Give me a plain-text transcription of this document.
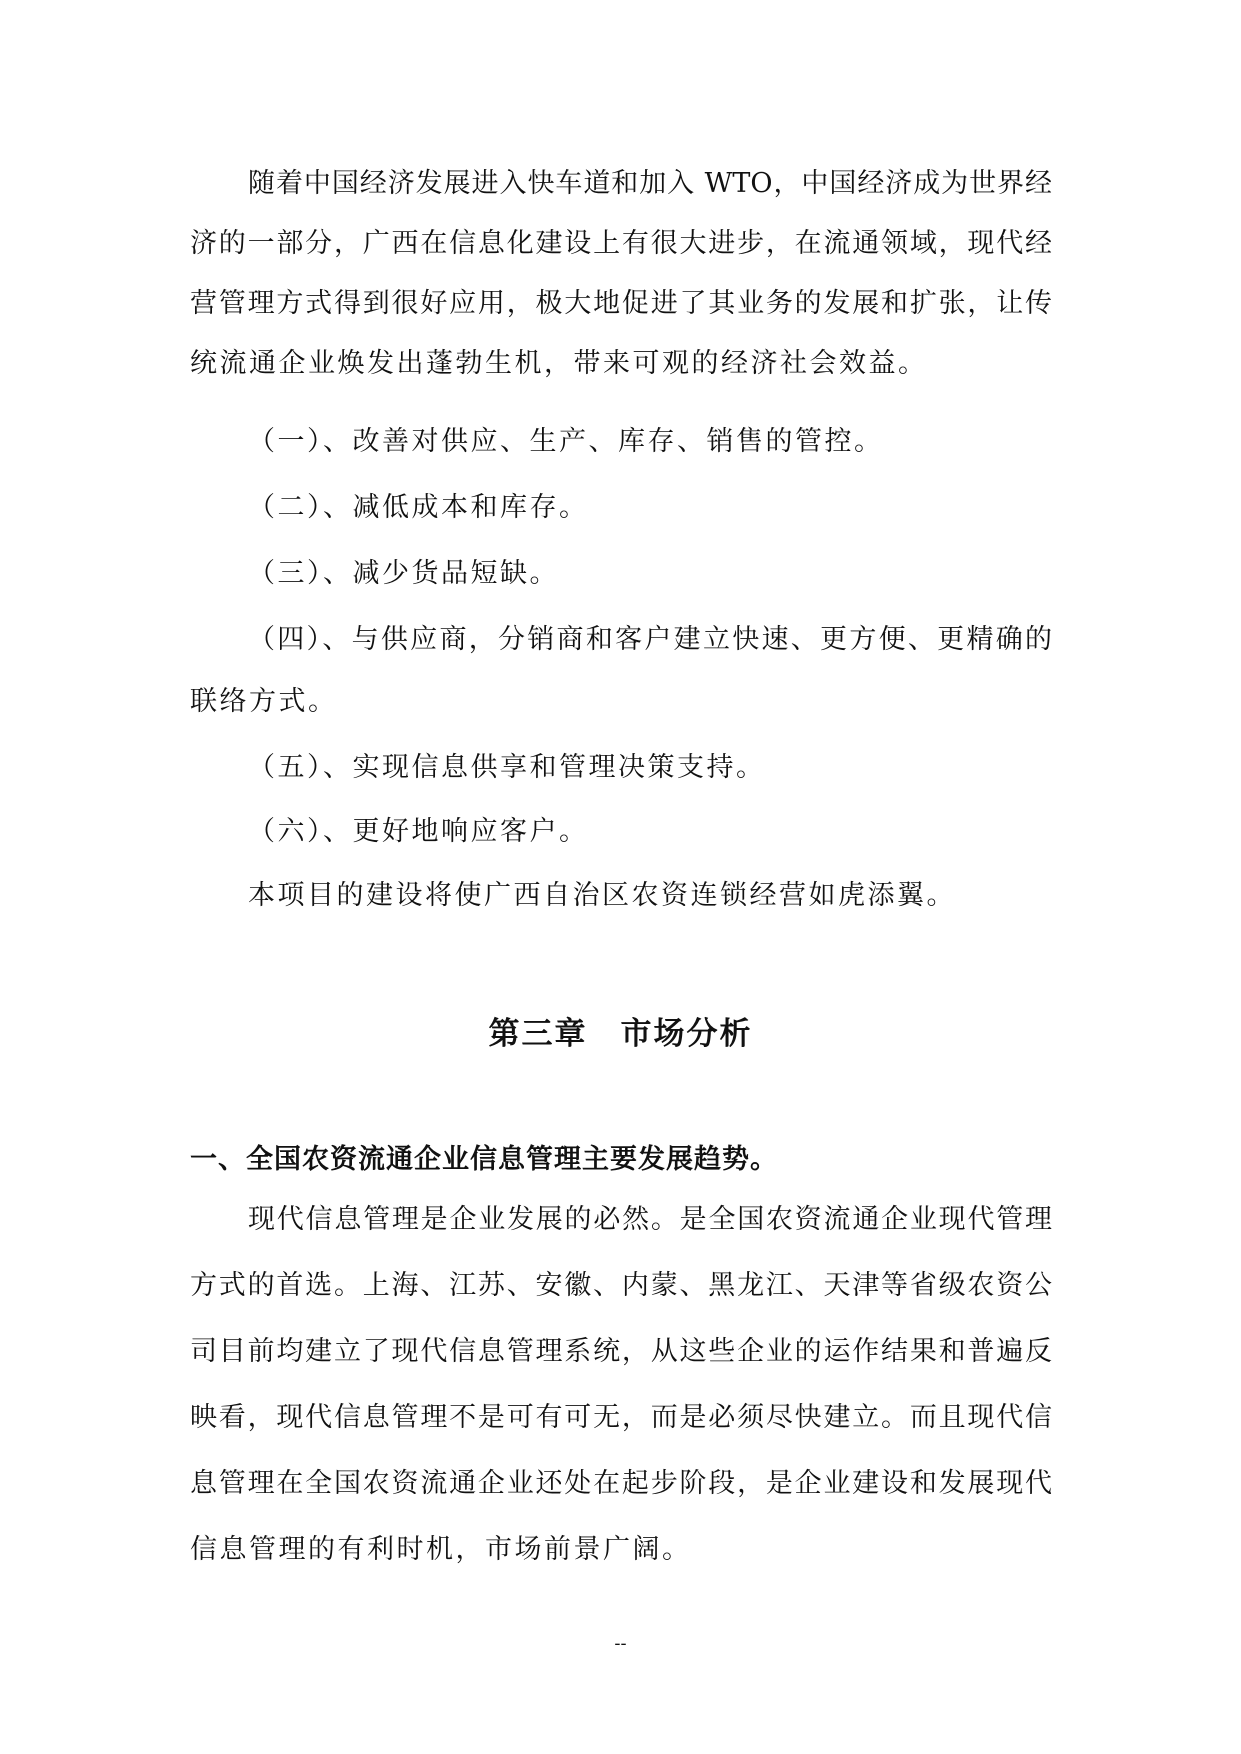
随着中国经济发展进入快车道和加入 WTO，中国经济成为世界经
济的一部分，广西在信息化建设上有很大进步，在流通领域，现代经
营管理方式得到很好应用，极大地促进了其业务的发展和扩张，让传
统流通企业焕发出蓬勃生机，带来可观的经济社会效益。
（一）、改善对供应、生产、库存、销售的管控。
（二）、减低成本和库存。
（三）、减少货品短缺。
（四）、与供应商，分销商和客户建立快速、更方便、更精确的
联络方式。
（五）、实现信息供享和管理决策支持。
（六）、更好地响应客户。
本项目的建设将使广西自治区农资连锁经营如虎添翼。
第三章　市场分析
一、全国农资流通企业信息管理主要发展趋势。
现代信息管理是企业发展的必然。是全国农资流通企业现代管理
方式的首选。上海、江苏、安徽、内蒙、黑龙江、天津等省级农资公
司目前均建立了现代信息管理系统，从这些企业的运作结果和普遍反
映看，现代信息管理不是可有可无，而是必须尽快建立。而且现代信
息管理在全国农资流通企业还处在起步阶段，是企业建设和发展现代
信息管理的有利时机，市场前景广阔。
--
